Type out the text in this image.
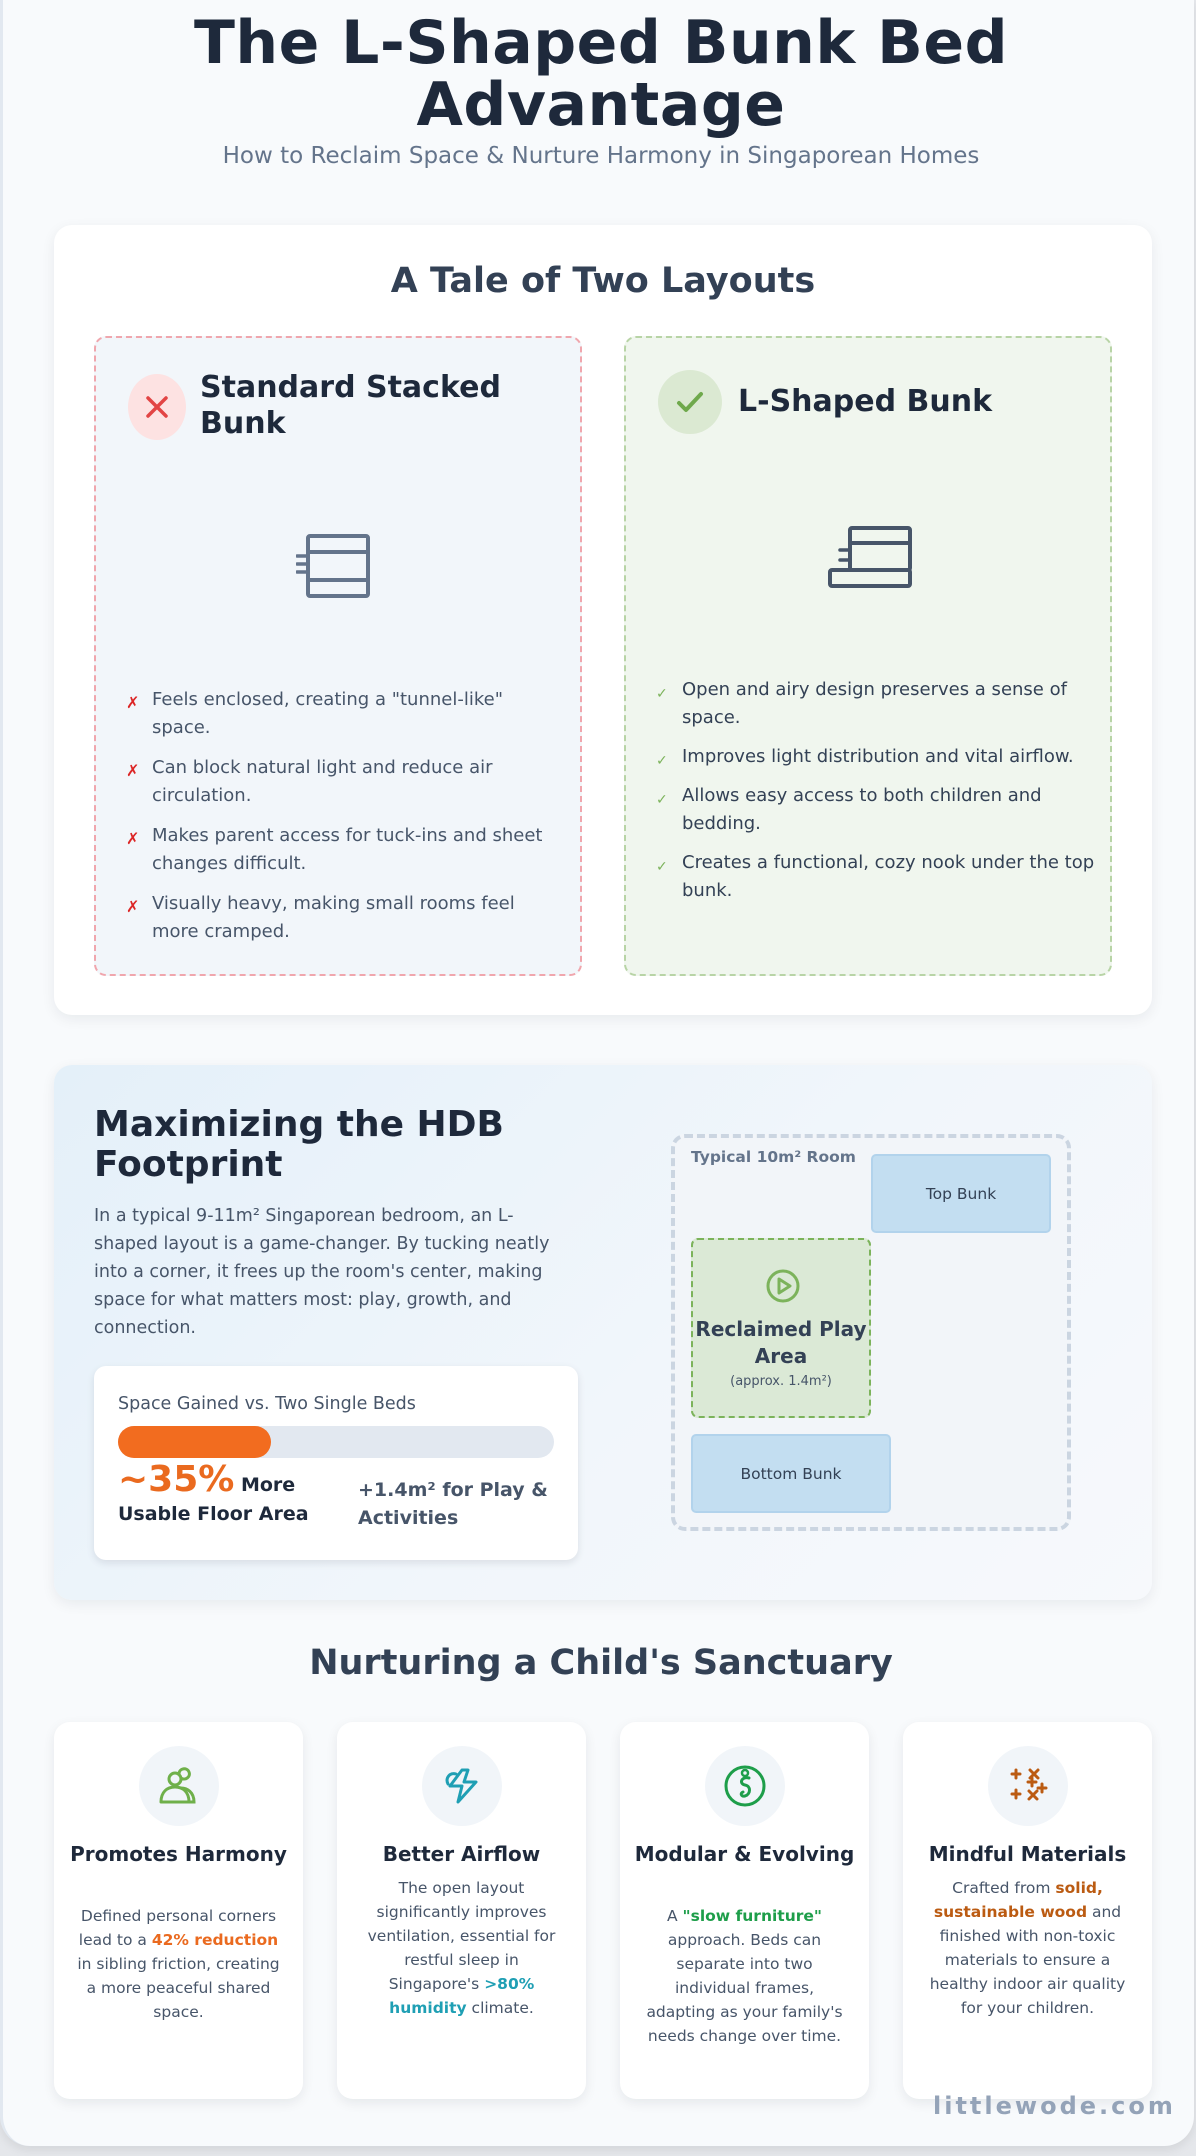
The L-Shaped Bunk Bed Advantage
How to Reclaim Space & Nurture Harmony in Singaporean Homes
A Tale of Two Layouts
Standard Stacked Bunk
✗ Feels enclosed, creating a "tunnel-like" space.
✗ Can block natural light and reduce air circulation.
✗ Makes parent access for tuck-ins and sheet changes difficult.
✗ Visually heavy, making small rooms feel more cramped.
L-Shaped Bunk
✓ Open and airy design preserves a sense of space.
✓ Improves light distribution and vital airflow.
✓ Allows easy access to both children and bedding.
✓ Creates a functional, cozy nook under the top bunk.
Maximizing the HDB Footprint

In a typical 9-11m² Singaporean bedroom, an L-shaped layout is a game-changer. By tucking neatly into a corner, it frees up the room's center, making space for what matters most: play, growth, and connection.

Space Gained vs. Two Single Beds
~35% More Usable Floor Area
+1.4m² for Play & Activities
Typical 10m² Room
Top Bunk
Reclaimed Play Area
(approx. 1.4m²)
Bottom Bunk
Nurturing a Child's Sanctuary
Promotes Harmony
Defined personal corners lead to a 42% reduction in sibling friction, creating a more peaceful shared space.
Better Airflow
The open layout significantly improves ventilation, essential for restful sleep in Singapore's >80% humidity climate.
Modular & Evolving
A "slow furniture" approach. Beds can separate into two individual frames, adapting as your family's needs change over time.
Mindful Materials
Crafted from solid, sustainable wood and finished with non-toxic materials to ensure a healthy indoor air quality for your children.
littlewode.com
